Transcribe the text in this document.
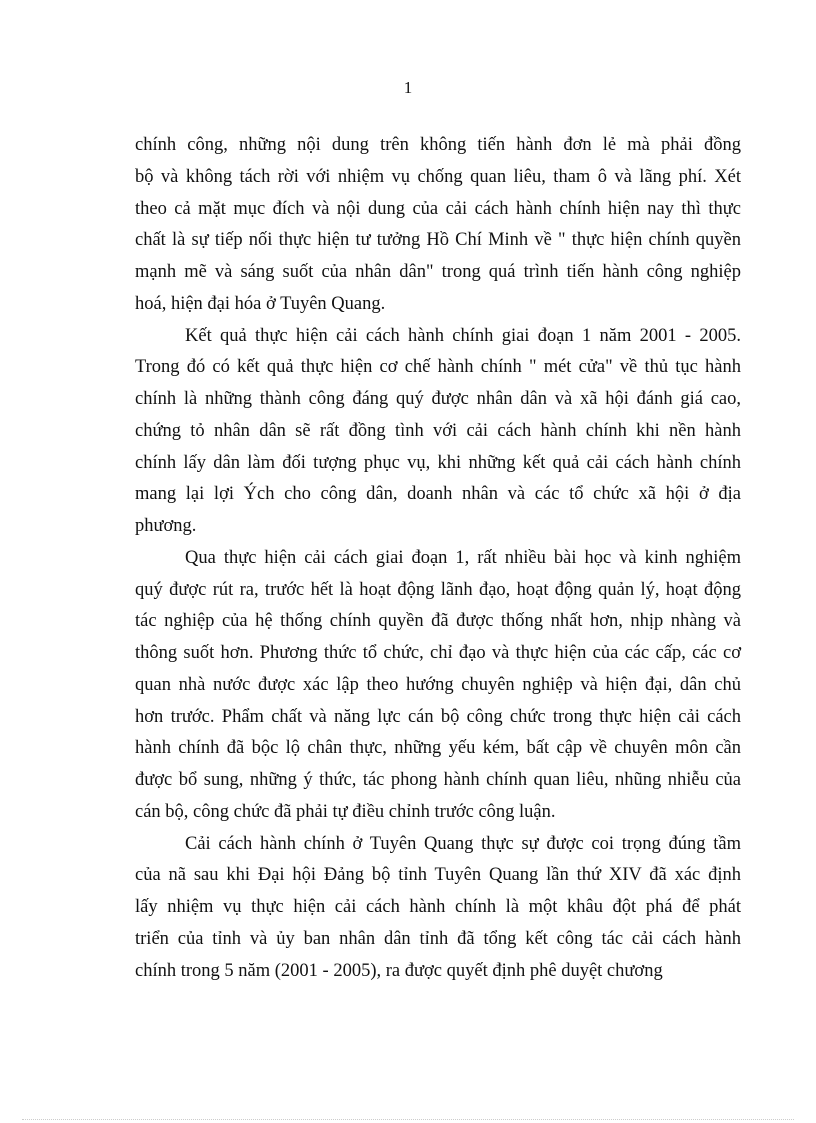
1
chính công, những nội dung trên không tiến hành đơn lẻ mà phải đồng
bộ và không tách rời với nhiệm vụ chống quan liêu, tham ô và lãng phí. Xét
theo cả mặt mục đích và nội dung của cải cách hành chính hiện nay thì thực
chất là sự tiếp nối thực hiện tư tưởng Hồ Chí Minh về " thực hiện chính quyền
mạnh mẽ và sáng suốt của nhân dân" trong quá trình tiến hành công nghiệp
hoá, hiện đại hóa ở Tuyên Quang.
Kết quả thực hiện cải cách hành chính giai đoạn 1 năm 2001 - 2005.
Trong đó có kết quả thực hiện cơ chế hành chính " mét cửa" về thủ tục hành
chính là những thành công đáng quý được nhân dân và xã hội đánh giá cao,
chứng tỏ nhân dân sẽ rất đồng tình với cải cách hành chính khi nền hành
chính lấy dân làm đối tượng phục vụ, khi những kết quả cải cách hành chính
mang lại lợi Ých cho công dân, doanh nhân và các tổ chức xã hội ở địa
phương.
Qua thực hiện cải cách giai đoạn 1, rất nhiều bài học và kinh nghiệm
quý được rút ra, trước hết là hoạt động lãnh đạo, hoạt động quản lý, hoạt động
tác nghiệp của hệ thống chính quyền đã được thống nhất hơn, nhịp nhàng và
thông suốt hơn. Phương thức tổ chức, chỉ đạo và thực hiện của các cấp, các cơ
quan nhà nước được xác lập theo hướng chuyên nghiệp và hiện đại, dân chủ
hơn trước. Phẩm chất và năng lực cán bộ công chức trong thực hiện cải cách
hành chính đã bộc lộ chân thực, những yếu kém, bất cập về chuyên môn cần
được bổ sung, những ý thức, tác phong hành chính quan liêu, nhũng nhiễu của
cán bộ, công chức đã phải tự điều chỉnh trước công luận.
Cải cách hành chính ở Tuyên Quang thực sự được coi trọng đúng tầm
của nã sau khi Đại hội Đảng bộ tỉnh Tuyên Quang lần thứ XIV đã xác định
lấy nhiệm vụ thực hiện cải cách hành chính là một khâu đột phá để phát
triển của tỉnh và ủy ban nhân dân tỉnh đã tổng kết công tác cải cách hành
chính trong 5 năm (2001 - 2005), ra được quyết định phê duyệt chương
